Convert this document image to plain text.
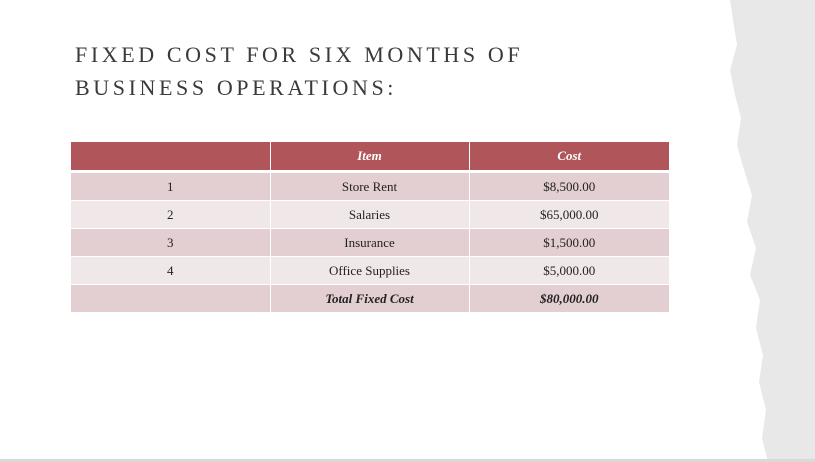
FIXED COST FOR SIX MONTHS OF
BUSINESS OPERATIONS:
	Item	Cost
1	Store Rent	$8,500.00
2	Salaries	$65,000.00
3	Insurance	$1,500.00
4	Office Supplies	$5,000.00
	Total Fixed Cost	$80,000.00
